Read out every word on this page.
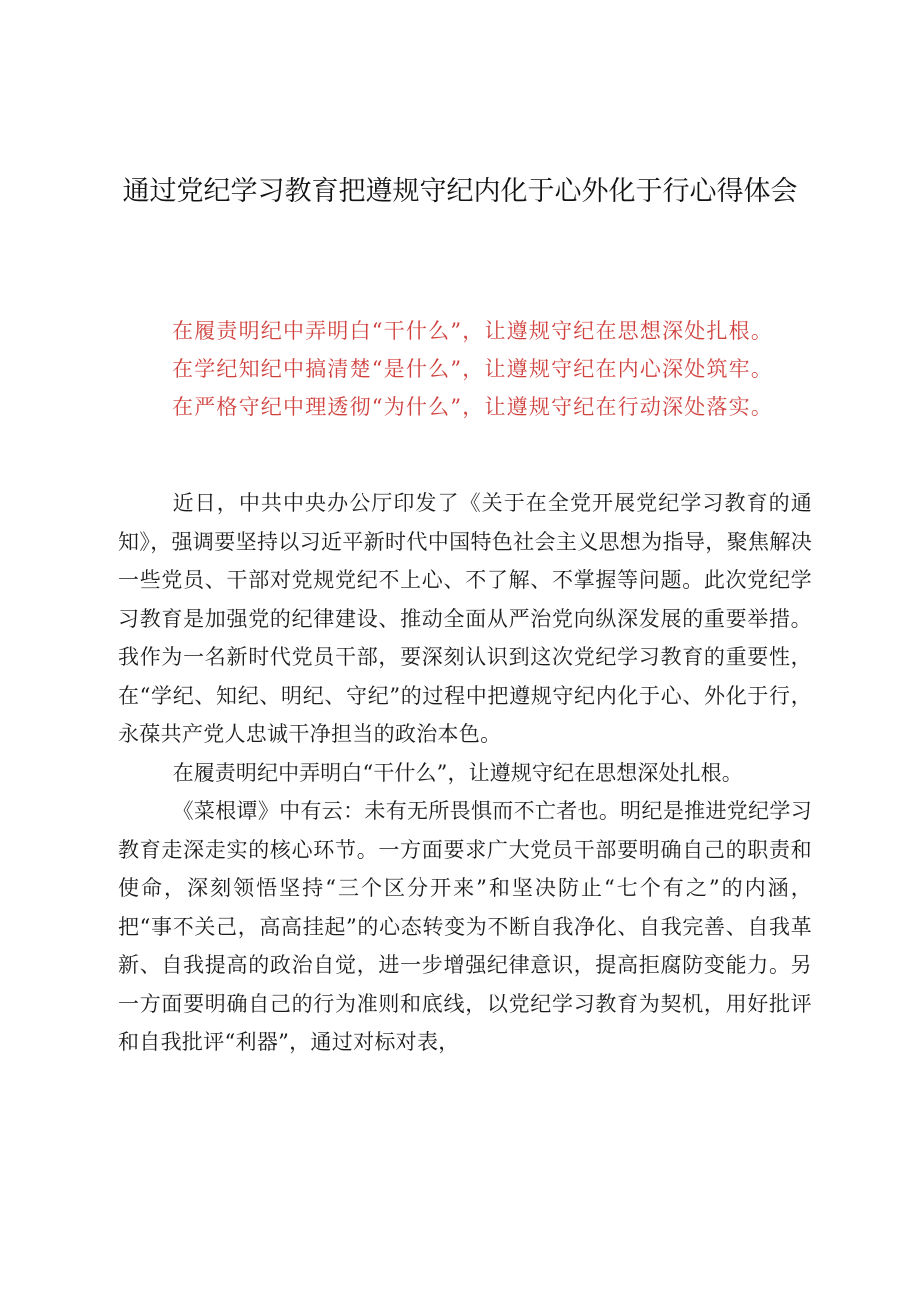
通过党纪学习教育把遵规守纪内化于心外化于行心得体会
在履责明纪中弄明白“干什么”，让遵规守纪在思想深处扎根。
在学纪知纪中搞清楚“是什么”，让遵规守纪在内心深处筑牢。
在严格守纪中理透彻“为什么”，让遵规守纪在行动深处落实。

近日，中共中央办公厅印发了《关于在全党开展党纪学习教育的通知》，强调要坚持以习近平新时代中国特色社会主义思想为指导，聚焦解决一些党员、干部对党规党纪不上心、不了解、不掌握等问题。此次党纪学习教育是加强党的纪律建设、推动全面从严治党向纵深发展的重要举措。我作为一名新时代党员干部，要深刻认识到这次党纪学习教育的重要性，在“学纪、知纪、明纪、守纪”的过程中把遵规守纪内化于心、外化于行，永葆共产党人忠诚干净担当的政治本色。

在履责明纪中弄明白“干什么”，让遵规守纪在思想深处扎根。

《菜根谭》中有云：未有无所畏惧而不亡者也。明纪是推进党纪学习教育走深走实的核心环节。一方面要求广大党员干部要明确自己的职责和使命，深刻领悟坚持“三个区分开来”和坚决防止“七个有之”的内涵，把“事不关己，高高挂起”的心态转变为不断自我净化、自我完善、自我革新、自我提高的政治自觉，进一步增强纪律意识，提高拒腐防变能力。另一方面要明确自己的行为准则和底线，以党纪学习教育为契机，用好批评和自我批评“利器”，通过对标对表，
